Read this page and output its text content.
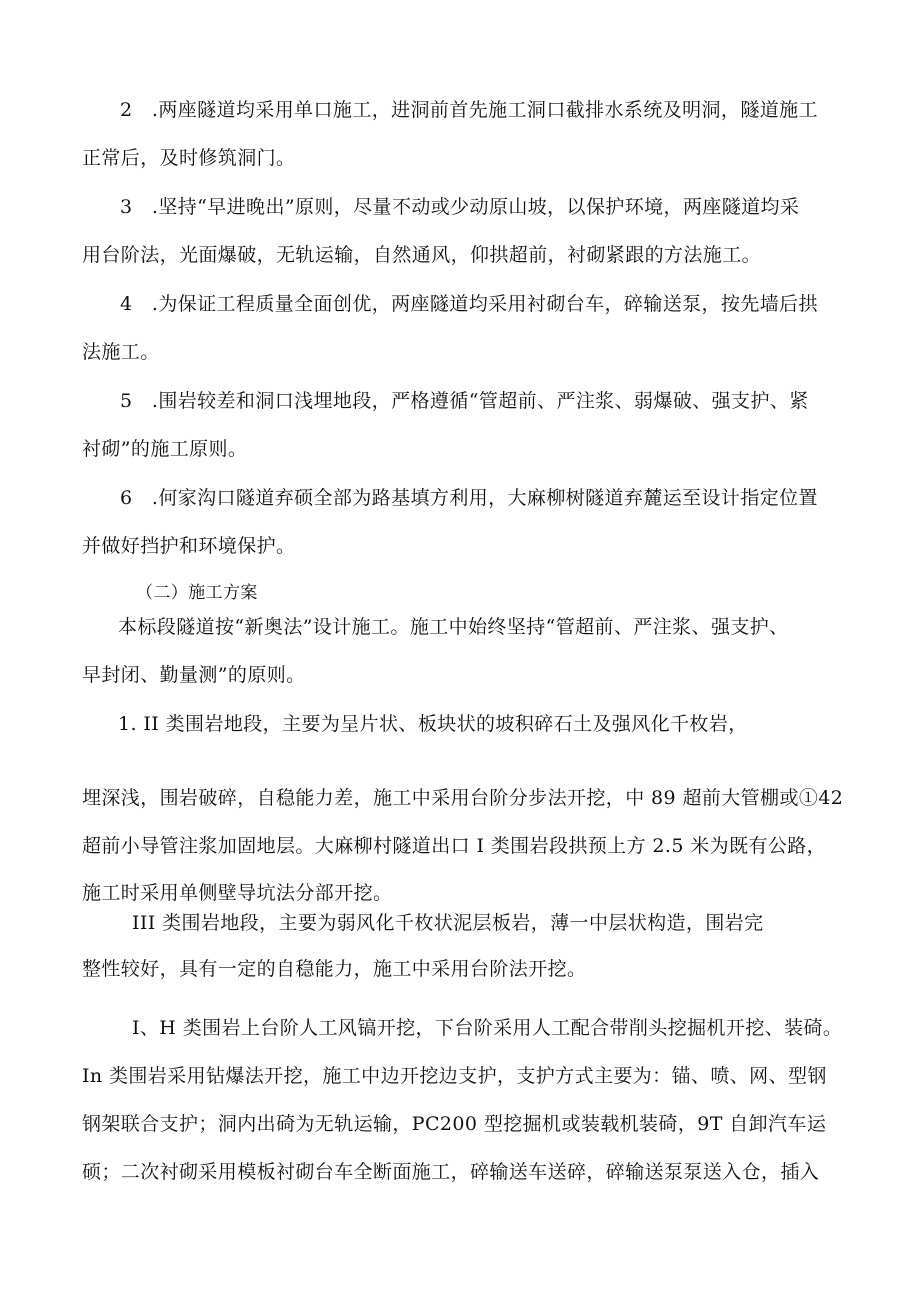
2　.两座隧道均采用单口施工，进洞前首先施工洞口截排水系统及明洞，隧道施工
正常后，及时修筑洞门。
3　.坚持“早进晚出”原则，尽量不动或少动原山坡，以保护环境，两座隧道均采
用台阶法，光面爆破，无轨运输，自然通风，仰拱超前，衬砌紧跟的方法施工。
4　.为保证工程质量全面创优，两座隧道均采用衬砌台车，碎输送泵，按先墙后拱
法施工。
5　.围岩较差和洞口浅埋地段，严格遵循“管超前、严注浆、弱爆破、强支护、紧
衬砌”的施工原则。
6　.何家沟口隧道弃硕全部为路基填方利用，大麻柳树隧道弃麓运至设计指定位置
并做好挡护和环境保护。
（二）施工方案
本标段隧道按“新奥法”设计施工。施工中始终坚持“管超前、严注浆、强支护、
早封闭、勤量测”的原则。
1. II 类围岩地段，主要为呈片状、板块状的坡积碎石土及强风化千枚岩，
埋深浅，围岩破碎，自稳能力差，施工中采用台阶分步法开挖，中 89 超前大管棚或①42
超前小导管注浆加固地层。大麻柳村隧道出口 I 类围岩段拱预上方 2.5 米为既有公路，
施工时采用单侧壁导坑法分部开挖。
III 类围岩地段，主要为弱风化千枚状泥层板岩，薄一中层状构造，围岩完
整性较好，具有一定的自稳能力，施工中采用台阶法开挖。
I、H 类围岩上台阶人工风镐开挖，下台阶采用人工配合带削头挖掘机开挖、装碕。
In 类围岩采用钻爆法开挖，施工中边开挖边支护，支护方式主要为：锚、喷、网、型钢
钢架联合支护；洞内出碕为无轨运输，PC200 型挖掘机或装载机装碕，9T 自卸汽车运
硕；二次衬砌采用模板衬砌台车全断面施工，碎输送车送碎，碎输送泵泵送入仓，插入
